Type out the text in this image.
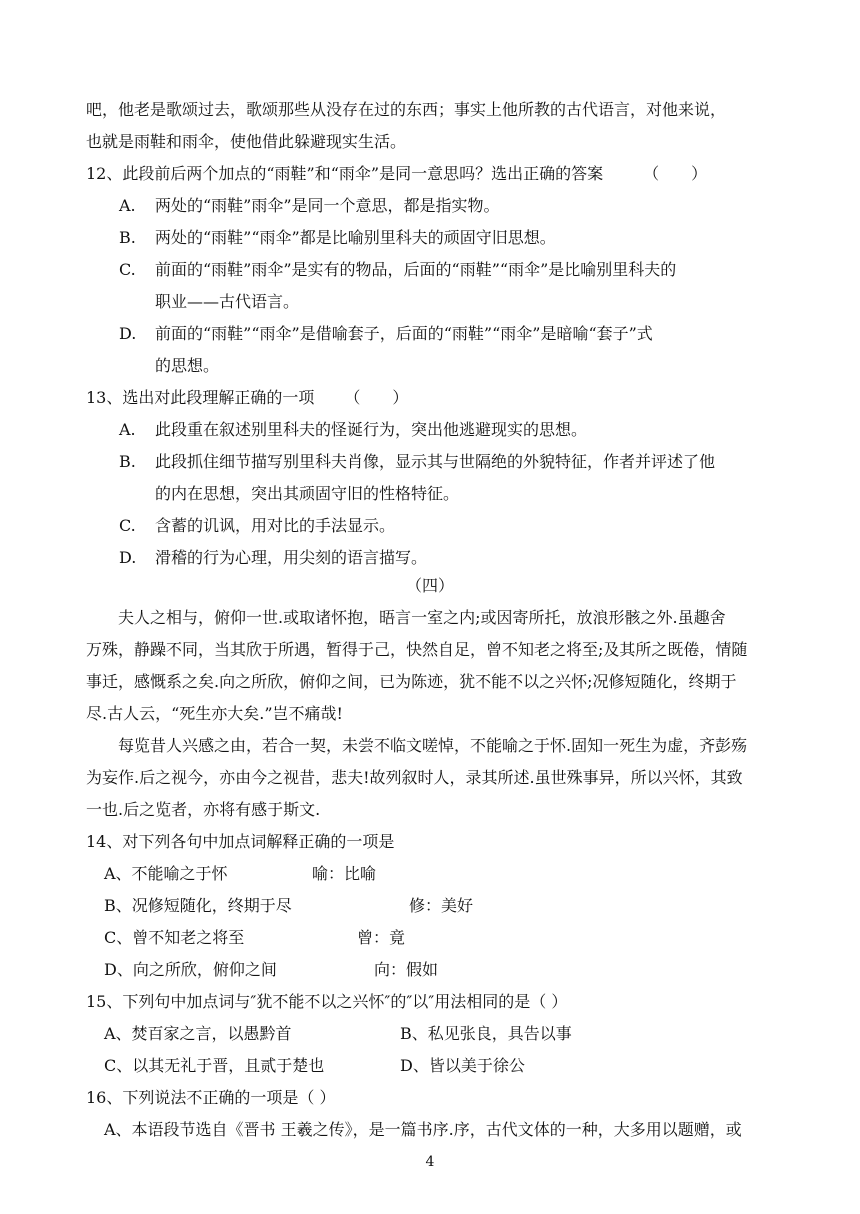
吧，他老是歌颂过去，歌颂那些从没存在过的东西；事实上他所教的古代语言，对他来说，
也就是雨鞋和雨伞，使他借此躲避现实生活。
12、此段前后两个加点的“雨鞋”和“雨伞”是同一意思吗？选出正确的答案	（　　）
A. 两处的“雨鞋”雨伞”是同一个意思，都是指实物。
B. 两处的“雨鞋”“雨伞”都是比喻别里科夫的顽固守旧思想。
C. 前面的“雨鞋”雨伞”是实有的物品，后面的“雨鞋”“雨伞”是比喻别里科夫的
职业——古代语言。
D. 前面的“雨鞋”“雨伞”是借喻套子，后面的“雨鞋”“雨伞”是暗喻“套子”式
的思想。
13、选出对此段理解正确的一项 （　　）
A. 此段重在叙述别里科夫的怪诞行为，突出他逃避现实的思想。
B. 此段抓住细节描写别里科夫肖像，显示其与世隔绝的外貌特征，作者并评述了他
的内在思想，突出其顽固守旧的性格特征。
C. 含蓄的讥讽，用对比的手法显示。
D. 滑稽的行为心理，用尖刻的语言描写。
（四）
夫人之相与，俯仰一世.或取诸怀抱，晤言一室之内;或因寄所托，放浪形骸之外.虽趣舍
万殊，静躁不同，当其欣于所遇，暂得于己，快然自足，曾不知老之将至;及其所之既倦，情随
事迁，感慨系之矣.向之所欣，俯仰之间，已为陈迹，犹不能不以之兴怀;况修短随化，终期于
尽.古人云，“死生亦大矣.”岂不痛哉!
每览昔人兴感之由，若合一契，未尝不临文嗟悼，不能喻之于怀.固知一死生为虚，齐彭殇
为妄作.后之视今，亦由今之视昔，悲夫!故列叙时人，录其所述.虽世殊事异，所以兴怀，其致
一也.后之览者，亦将有感于斯文.
14、对下列各句中加点词解释正确的一项是
A、不能喻之于怀	喻：比喻
B、况修短随化，终期于尽	修：美好
C、曾不知老之将至	曾：竟
D、向之所欣，俯仰之间	向：假如
15、下列句中加点词与″犹不能不以之兴怀″的″以″用法相同的是（ ）
A、焚百家之言，以愚黔首	B、私见张良，具告以事
C、以其无礼于晋，且贰于楚也	D、皆以美于徐公
16、下列说法不正确的一项是（ ）
A、本语段节选自《晋书 王羲之传》，是一篇书序.序，古代文体的一种，大多用以题赠，或
4
